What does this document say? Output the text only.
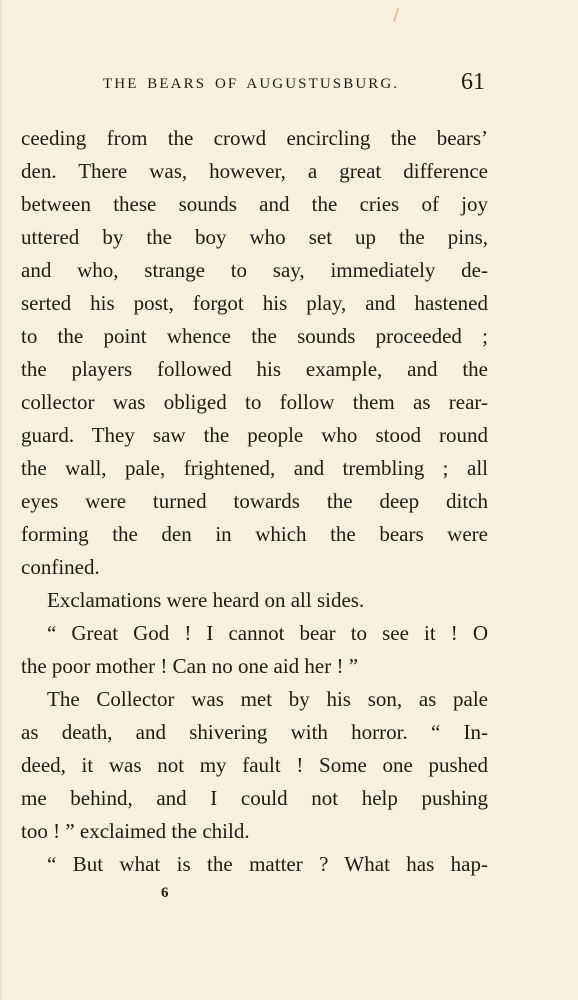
THE BEARS OF AUGUSTUSBURG.	61
ceeding from the crowd encircling the bears’
den. There was, however, a great difference
between these sounds and the cries of joy
uttered by the boy who set up the pins,
and who, strange to say, immediately de-
serted his post, forgot his play, and hastened
to the point whence the sounds proceeded ;
the players followed his example, and the
collector was obliged to follow them as rear-
guard. They saw the people who stood round
the wall, pale, frightened, and trembling ; all
eyes were turned towards the deep ditch
forming the den in which the bears were
confined.
Exclamations were heard on all sides.
“ Great God ! I cannot bear to see it ! O
the poor mother ! Can no one aid her ! ”
The Collector was met by his son, as pale
as death, and shivering with horror. “ In-
deed, it was not my fault ! Some one pushed
me behind, and I could not help pushing
too ! ” exclaimed the child.
“ But what is the matter ? What has hap-
6
